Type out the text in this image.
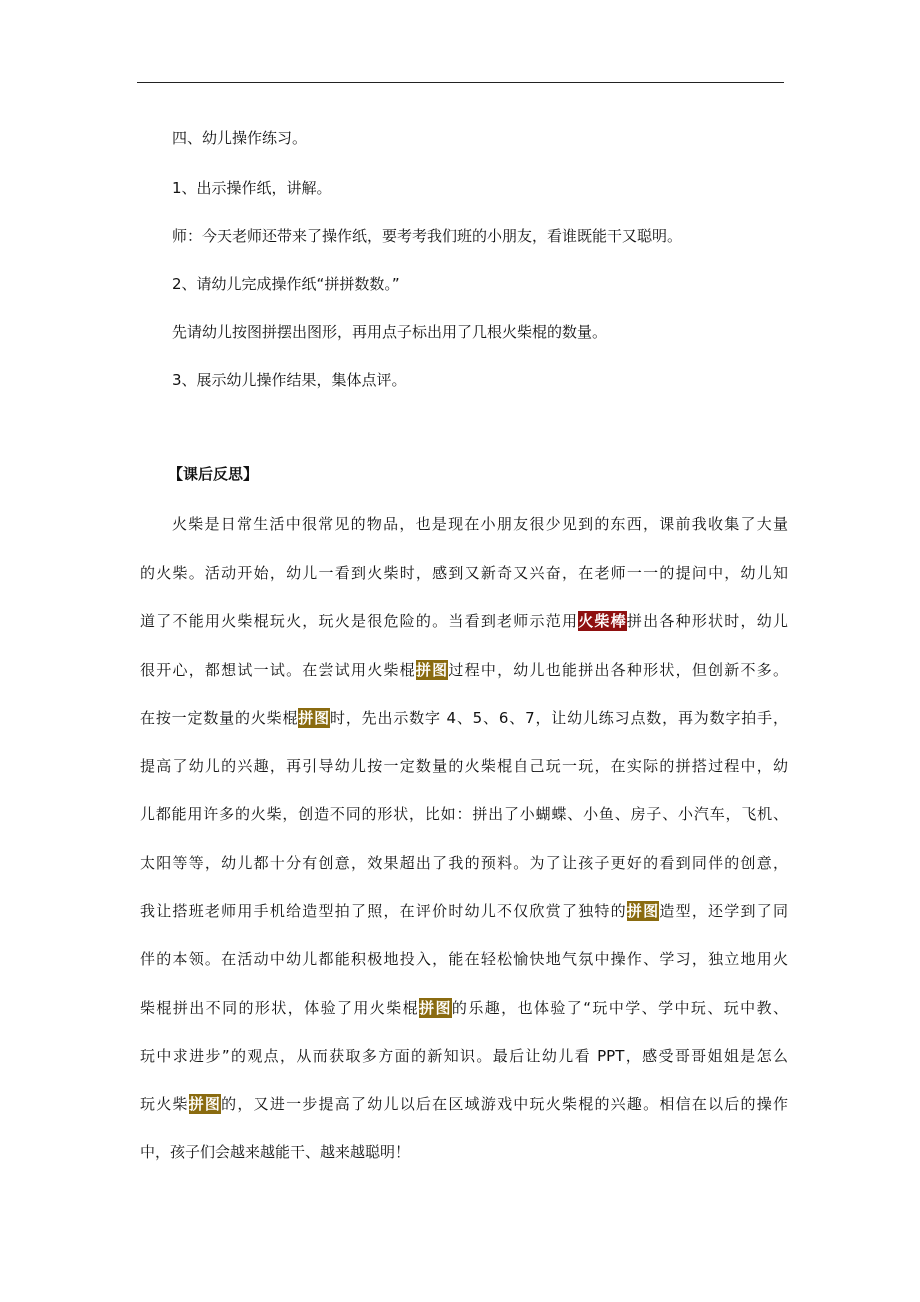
四、幼儿操作练习。
1、出示操作纸，讲解。
师：今天老师还带来了操作纸，要考考我们班的小朋友，看谁既能干又聪明。
2、请幼儿完成操作纸“拼拼数数。”
先请幼儿按图拼摆出图形，再用点子标出用了几根火柴棍的数量。
3、展示幼儿操作结果，集体点评。
【课后反思】
火柴是日常生活中很常见的物品，也是现在小朋友很少见到的东西，课前我收集了大量
的火柴。活动开始，幼儿一看到火柴时，感到又新奇又兴奋，在老师一一的提问中，幼儿知
道了不能用火柴棍玩火，玩火是很危险的。当看到老师示范用火柴棒拼出各种形状时，幼儿
很开心，都想试一试。在尝试用火柴棍拼图过程中，幼儿也能拼出各种形状，但创新不多。
在按一定数量的火柴棍拼图时，先出示数字 4、5、6、7，让幼儿练习点数，再为数字拍手，
提高了幼儿的兴趣，再引导幼儿按一定数量的火柴棍自己玩一玩，在实际的拼搭过程中，幼
儿都能用许多的火柴，创造不同的形状，比如：拼出了小蝴蝶、小鱼、房子、小汽车，飞机、
太阳等等，幼儿都十分有创意，效果超出了我的预料。为了让孩子更好的看到同伴的创意，
我让搭班老师用手机给造型拍了照，在评价时幼儿不仅欣赏了独特的拼图造型，还学到了同
伴的本领。在活动中幼儿都能积极地投入，能在轻松愉快地气氛中操作、学习，独立地用火
柴棍拼出不同的形状，体验了用火柴棍拼图的乐趣，也体验了“玩中学、学中玩、玩中教、
玩中求进步”的观点，从而获取多方面的新知识。最后让幼儿看 PPT，感受哥哥姐姐是怎么
玩火柴拼图的，又进一步提高了幼儿以后在区域游戏中玩火柴棍的兴趣。相信在以后的操作
中，孩子们会越来越能干、越来越聪明！
